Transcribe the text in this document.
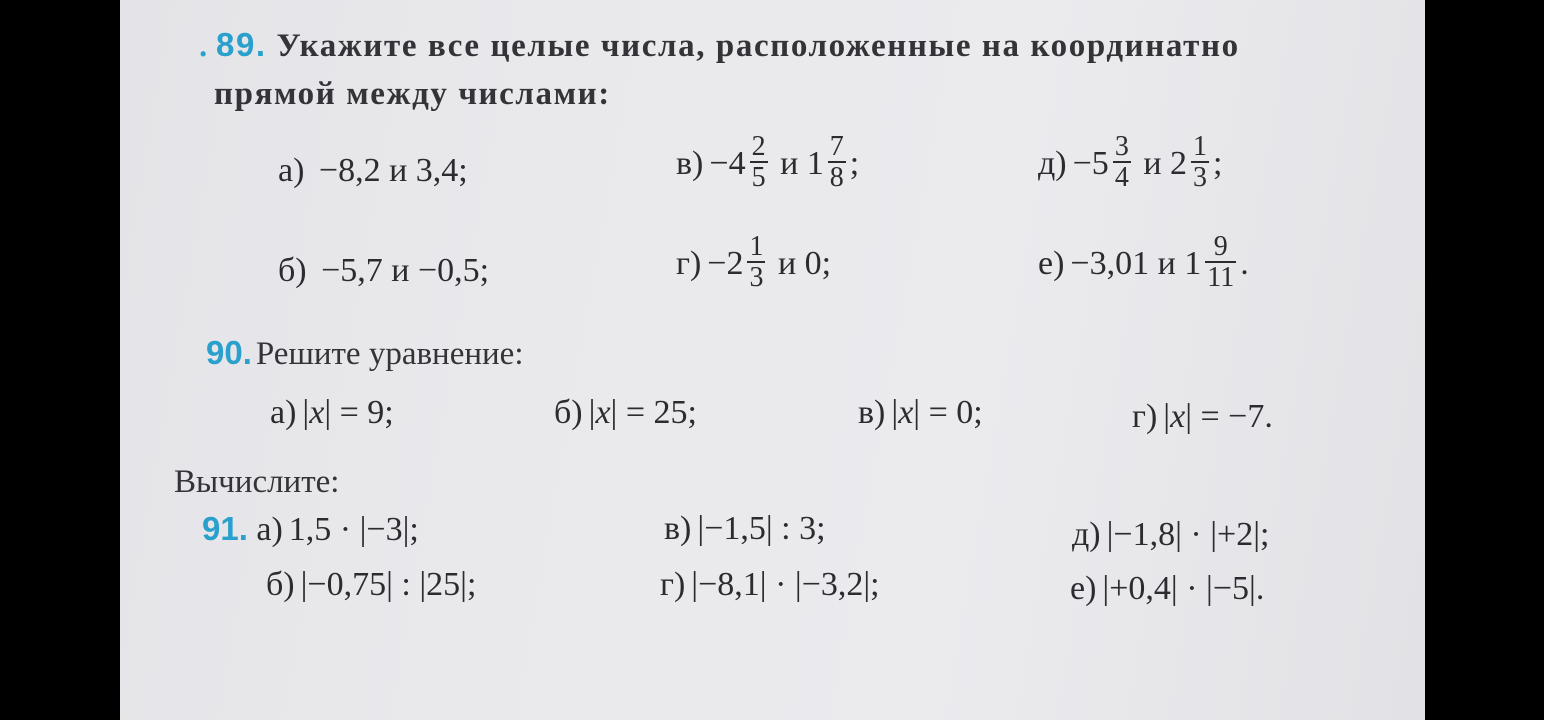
• 89. Укажите все целые числа, расположенные на координатно
прямой между числами:
а) −8,2 и 3,4;	$в) -4 \frac{2}{5}$ и $1 \frac{7}{8}$ ;	$д) -5 \frac{3}{4}$ и $2 \frac{1}{3}$ ;
б) −5,7 и −0,5;	$г) -2 \frac{1}{3}$ и 0;	е) −3,01 и $1 \frac{9}{11}$ .
90. Решите уравнение:
а) |x| = 9;	б) |x| = 25;	в) |x| = 0;	г) |x| = −7.
Вычислите:
91. а) 1,5 · |−3|;	в) |−1,5| : 3;	д) |−1,8| · |+2|;
б) |−0,75| : |25|;	г) |−8,1| · |−3,2|;	е) |+0,4| · |−5|.
